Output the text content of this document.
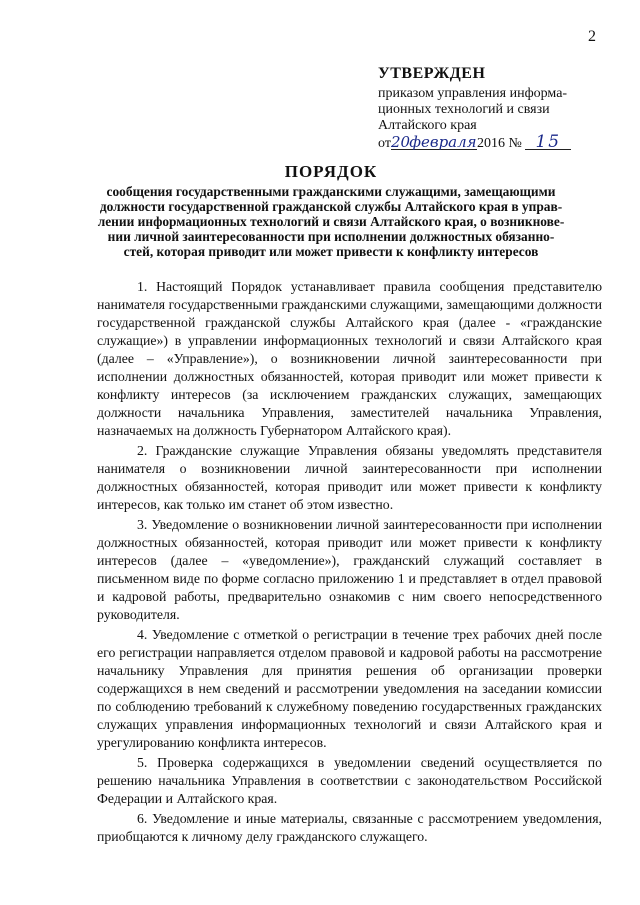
2
УТВЕРЖДЕН
приказом управления информа-
ционных технологий и связи
Алтайского края
от20февраля2016 № 15
ПОРЯДОК
сообщения государственными гражданскими служащими, замещающими
должности государственной гражданской службы Алтайского края в управ-
лении информационных технологий и связи Алтайского края, о возникнове-
нии личной заинтересованности при исполнении должностных обязанно-
стей, которая приводит или может привести к конфликту интересов

1. Настоящий Порядок устанавливает правила сообщения представителю нанимателя государственными гражданскими служащими, замещающими должности государственной гражданской службы Алтайского края (далее - «гражданские служащие») в управлении информационных технологий и связи Алтайского края (далее – «Управление»), о возникновении личной заинтересованности при исполнении должностных обязанностей, которая приводит или может привести к конфликту интересов (за исключением гражданских служащих, замещающих должности начальника Управления, заместителей начальника Управления, назначаемых на должность Губернатором Алтайского края).

2. Гражданские служащие Управления обязаны уведомлять представителя нанимателя о возникновении личной заинтересованности при исполнении должностных обязанностей, которая приводит или может привести к конфликту интересов, как только им станет об этом известно.

3. Уведомление о возникновении личной заинтересованности при исполнении должностных обязанностей, которая приводит или может привести к конфликту интересов (далее – «уведомление»), гражданский служащий составляет в письменном виде по форме согласно приложению 1 и представляет в отдел правовой и кадровой работы, предварительно ознакомив с ним своего непосредственного руководителя.

4. Уведомление с отметкой о регистрации в течение трех рабочих дней после его регистрации направляется отделом правовой и кадровой работы на рассмотрение начальнику Управления для принятия решения об организации проверки содержащихся в нем сведений и рассмотрении уведомления на заседании комиссии по соблюдению требований к служебному поведению государственных гражданских служащих управления информационных технологий и связи Алтайского края и урегулированию конфликта интересов.

5. Проверка содержащихся в уведомлении сведений осуществляется по решению начальника Управления в соответствии с законодательством Российской Федерации и Алтайского края.

6. Уведомление и иные материалы, связанные с рассмотрением уведомления, приобщаются к личному делу гражданского служащего.
